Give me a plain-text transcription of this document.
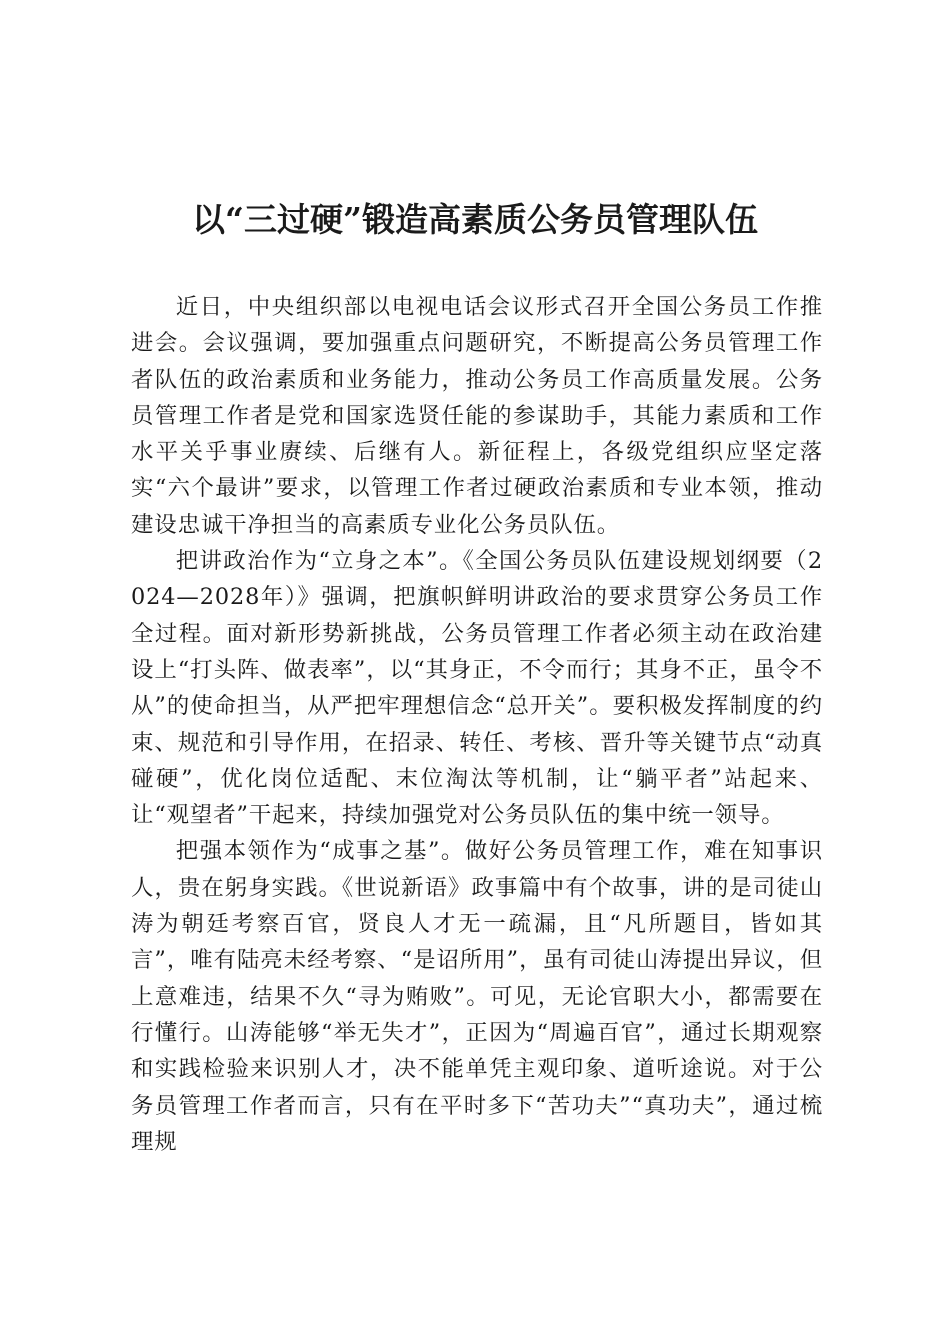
以“三过硬”锻造高素质公务员管理队伍

近日，中央组织部以电视电话会议形式召开全国公务员工作推进会。会议强调，要加强重点问题研究，不断提高公务员管理工作者队伍的政治素质和业务能力，推动公务员工作高质量发展。公务员管理工作者是党和国家选贤任能的参谋助手，其能力素质和工作水平关乎事业赓续、后继有人。新征程上，各级党组织应坚定落实“六个最讲”要求，以管理工作者过硬政治素质和专业本领，推动建设忠诚干净担当的高素质专业化公务员队伍。

把讲政治作为“立身之本”。《全国公务员队伍建设规划纲要（2024—2028年）》强调，把旗帜鲜明讲政治的要求贯穿公务员工作全过程。面对新形势新挑战，公务员管理工作者必须主动在政治建设上“打头阵、做表率”，以“其身正，不令而行；其身不正，虽令不从”的使命担当，从严把牢理想信念“总开关”。要积极发挥制度的约束、规范和引导作用，在招录、转任、考核、晋升等关键节点“动真碰硬”，优化岗位适配、末位淘汰等机制，让“躺平者”站起来、让“观望者”干起来，持续加强党对公务员队伍的集中统一领导。

把强本领作为“成事之基”。做好公务员管理工作，难在知事识人，贵在躬身实践。《世说新语》政事篇中有个故事，讲的是司徒山涛为朝廷考察百官，贤良人才无一疏漏，且“凡所题目，皆如其言”，唯有陆亮未经考察、“是诏所用”，虽有司徒山涛提出异议，但上意难违，结果不久“寻为贿败”。可见，无论官职大小，都需要在行懂行。山涛能够“举无失才”，正因为“周遍百官”，通过长期观察和实践检验来识别人才，决不能单凭主观印象、道听途说。对于公务员管理工作者而言，只有在平时多下“苦功夫”“真功夫”，通过梳理规
